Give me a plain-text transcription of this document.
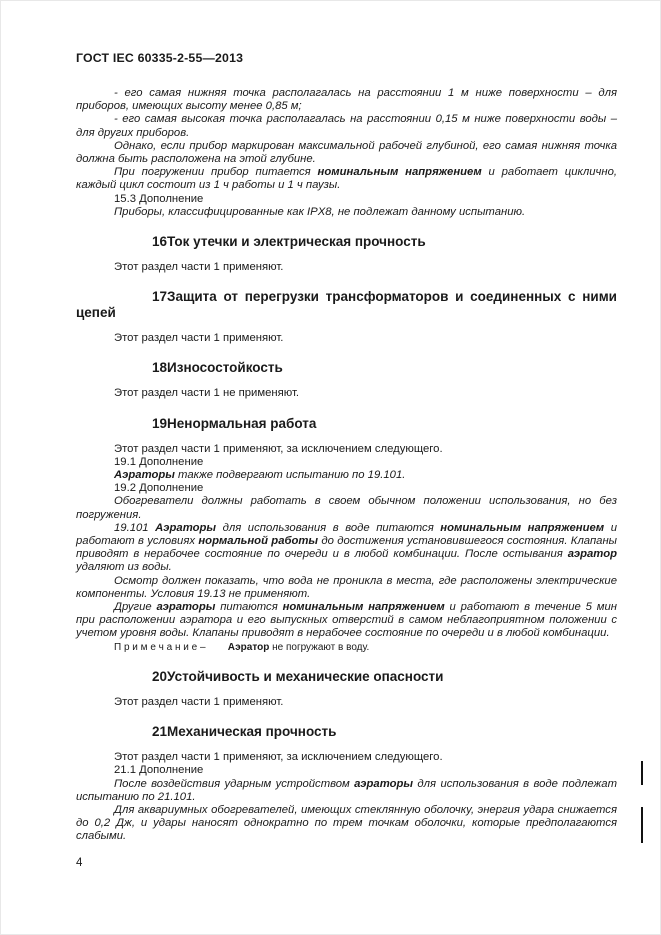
ГОСТ IEC 60335-2-55—2013

- его самая нижняя точка располагалась на расстоянии 1 м ниже поверхности – для приборов, имеющих высоту менее 0,85 м;

- его самая высокая точка располагалась на расстоянии 0,15 м ниже поверхности воды – для других приборов.

Однако, если прибор маркирован максимальной рабочей глубиной, его самая нижняя точка должна быть расположена на этой глубине.

При погружении прибор питается номинальным напряжением и работает циклично, каждый цикл состоит из 1 ч работы и 1 ч паузы.

15.3 Дополнение

Приборы, классифицированные как IPX8, не подлежат данному испытанию.

16Ток утечки и электрическая прочность

Этот раздел части 1 применяют.

17Защита от перегрузки трансформаторов и соединенных с ними цепей

Этот раздел части 1 применяют.

18Износостойкость

Этот раздел части 1 не применяют.

19Ненормальная работа

Этот раздел части 1 применяют, за исключением следующего.

19.1 Дополнение

Аэраторы также подвергают испытанию по 19.101.

19.2 Дополнение

Обогреватели должны работать в своем обычном положении использования, но без погружения.

19.101 Аэраторы для использования в воде питаются номинальным напряжением и работают в условиях нормальной работы до достижения установившегося состояния. Клапаны приводят в нерабочее состояние по очереди и в любой комбинации. После остывания аэратор удаляют из воды.

Осмотр должен показать, что вода не проникла в места, где расположены электрические компоненты. Условия 19.13 не применяют.

Другие аэраторы питаются номинальным напряжением и работают в течение 5 мин при расположении аэратора и его выпускных отверстий в самом неблагоприятном положении с учетом уровня воды. Клапаны приводят в нерабочее состояние по очереди и в любой комбинации.

П р и м е ч а н и е –        Аэратор не погружают в воду.

20Устойчивость и механические опасности

Этот раздел части 1 применяют.

21Механическая прочность

Этот раздел части 1 применяют, за исключением следующего.

21.1 Дополнение

После воздействия ударным устройством аэраторы для использования в воде подлежат испытанию по 21.101.

Для аквариумных обогревателей, имеющих стеклянную оболочку, энергия удара снижается до 0,2 Дж, и удары наносят однократно по трем точкам оболочки, которые предполагаются слабыми.

4
